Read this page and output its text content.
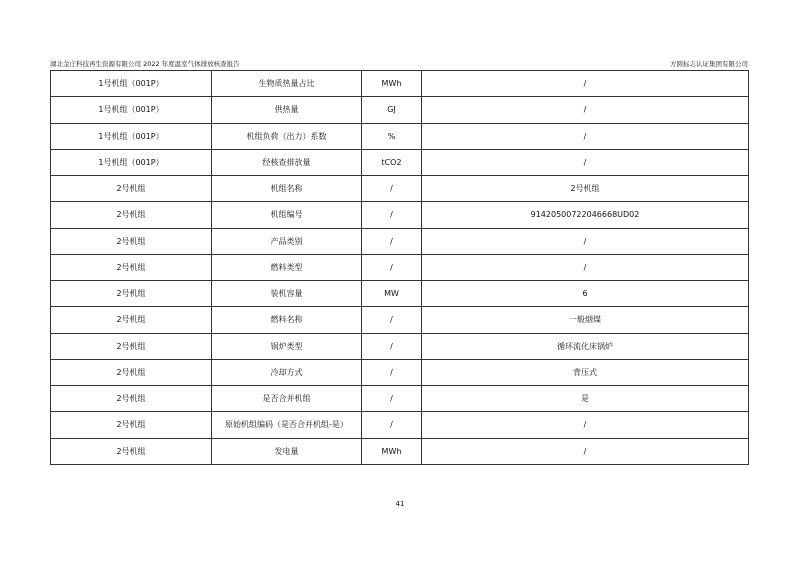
湖北金庄科技再生资源有限公司 2022 年度温室气体排放核查报告	方圆标志认证集团有限公司
1号机组（001P）	生物质热量占比	MWh	/
1号机组（001P）	供热量	GJ	/
1号机组（001P）	机组负荷（出力）系数	%	/
1号机组（001P）	经核查排放量	tCO2	/
2号机组	机组名称	/	2号机组
2号机组	机组编号	/	91420500722046668UD02
2号机组	产品类别	/	/
2号机组	燃料类型	/	/
2号机组	装机容量	MW	6
2号机组	燃料名称	/	一般烟煤
2号机组	锅炉类型	/	循环流化床锅炉
2号机组	冷却方式	/	背压式
2号机组	是否合并机组	/	是
2号机组	原始机组编码（是否合并机组-是）	/	/
2号机组	发电量	MWh	/
41
